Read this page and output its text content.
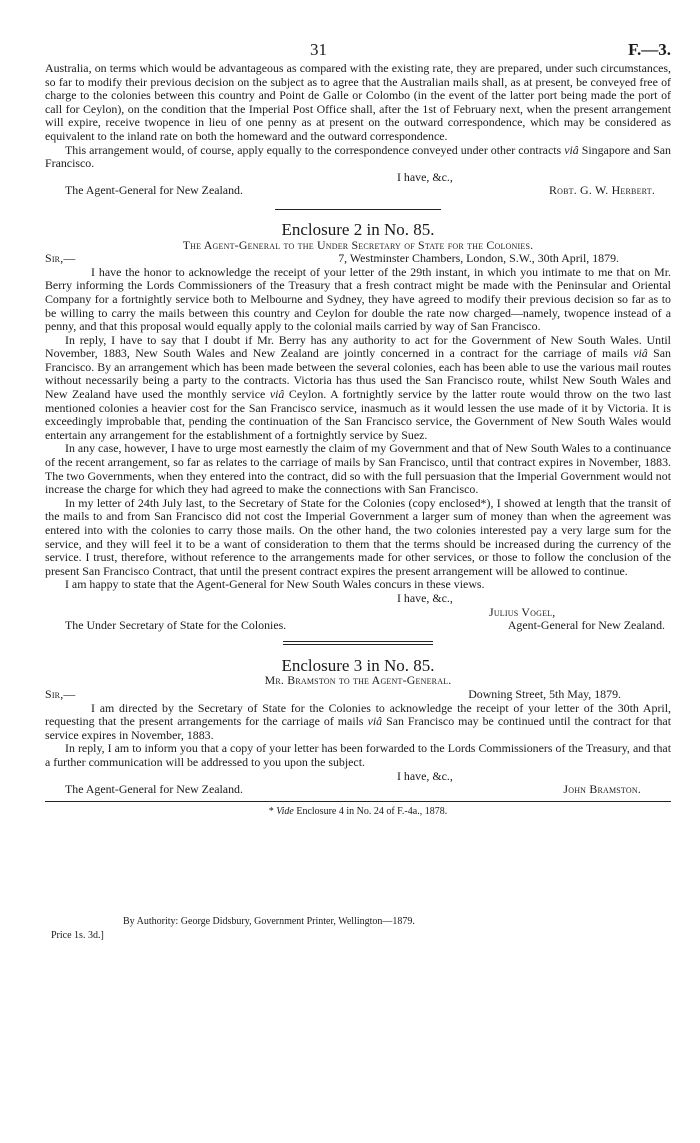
31	F.—3.

Australia, on terms which would be advantageous as compared with the existing rate, they are prepared, under such circumstances, so far to modify their previous decision on the subject as to agree that the Australian mails shall, as at present, be conveyed free of charge to the colonies between this country and Point de Galle or Colombo (in the event of the latter port being made the port of call for Ceylon), on the condition that the Imperial Post Office shall, after the 1st of February next, when the present arrangement will expire, receive twopence in lieu of one penny as at present on the outward correspondence, which may be considered as equivalent to the inland rate on both the homeward and the outward correspondence.

This arrangement would, of course, apply equally to the correspondence conveyed under other contracts viâ Singapore and San Francisco.

I have, &c.,

The Agent-General for New Zealand.	Robt. G. W. Herbert.
Enclosure 2 in No. 85.

The Agent-General to the Under Secretary of State for the Colonies.

Sir,—	7, Westminster Chambers, London, S.W., 30th April, 1879.

I have the honor to acknowledge the receipt of your letter of the 29th instant, in which you intimate to me that on Mr. Berry informing the Lords Commissioners of the Treasury that a fresh contract might be made with the Peninsular and Oriental Company for a fortnightly service both to Melbourne and Sydney, they have agreed to modify their previous decision so far as to be willing to carry the mails between this country and Ceylon for double the rate now charged—namely, twopence instead of a penny, and that this proposal would equally apply to the colonial mails carried by way of San Francisco.

In reply, I have to say that I doubt if Mr. Berry has any authority to act for the Government of New South Wales. Until November, 1883, New South Wales and New Zealand are jointly concerned in a contract for the carriage of mails viâ San Francisco. By an arrangement which has been made between the several colonies, each has been able to use the various mail routes without necessarily being a party to the contracts. Victoria has thus used the San Francisco route, whilst New South Wales and New Zealand have used the monthly service viâ Ceylon. A fortnightly service by the latter route would throw on the two last mentioned colonies a heavier cost for the San Francisco service, inasmuch as it would lessen the use made of it by Victoria. It is exceedingly improbable that, pending the continuation of the San Francisco service, the Government of New South Wales would entertain any arrangement for the establishment of a fortnightly service by Suez.

In any case, however, I have to urge most earnestly the claim of my Government and that of New South Wales to a continuance of the recent arrangement, so far as relates to the carriage of mails by San Francisco, until that contract expires in November, 1883. The two Governments, when they entered into the contract, did so with the full persuasion that the Imperial Government would not increase the charge for which they had agreed to make the connections with San Francisco.

In my letter of 24th July last, to the Secretary of State for the Colonies (copy enclosed*), I showed at length that the transit of the mails to and from San Francisco did not cost the Imperial Government a larger sum of money than when the agreement was entered into with the colonies to carry those mails. On the other hand, the two colonies interested pay a very large sum for the service, and they will feel it to be a want of consideration to them that the terms should be increased during the currency of the service. I trust, therefore, without reference to the arrangements made for other services, or those to follow the conclusion of the present San Francisco Contract, that until the present contract expires the present arrangement will be allowed to continue.

I am happy to state that the Agent-General for New South Wales concurs in these views.

I have, &c.,

Julius Vogel,

The Under Secretary of State for the Colonies.	Agent-General for New Zealand.
Enclosure 3 in No. 85.

Mr. Bramston to the Agent-General.

Sir,—	Downing Street, 5th May, 1879.

I am directed by the Secretary of State for the Colonies to acknowledge the receipt of your letter of the 30th April, requesting that the present arrangements for the carriage of mails viâ San Francisco may be continued until the contract for that service expires in November, 1883.

In reply, I am to inform you that a copy of your letter has been forwarded to the Lords Commissioners of the Treasury, and that a further communication will be addressed to you upon the subject.

I have, &c.,

The Agent-General for New Zealand.	John Bramston.
* Vide Enclosure 4 in No. 24 of F.-4a., 1878.
By Authority: George Didsbury, Government Printer, Wellington—1879.
Price 1s. 3d.]
